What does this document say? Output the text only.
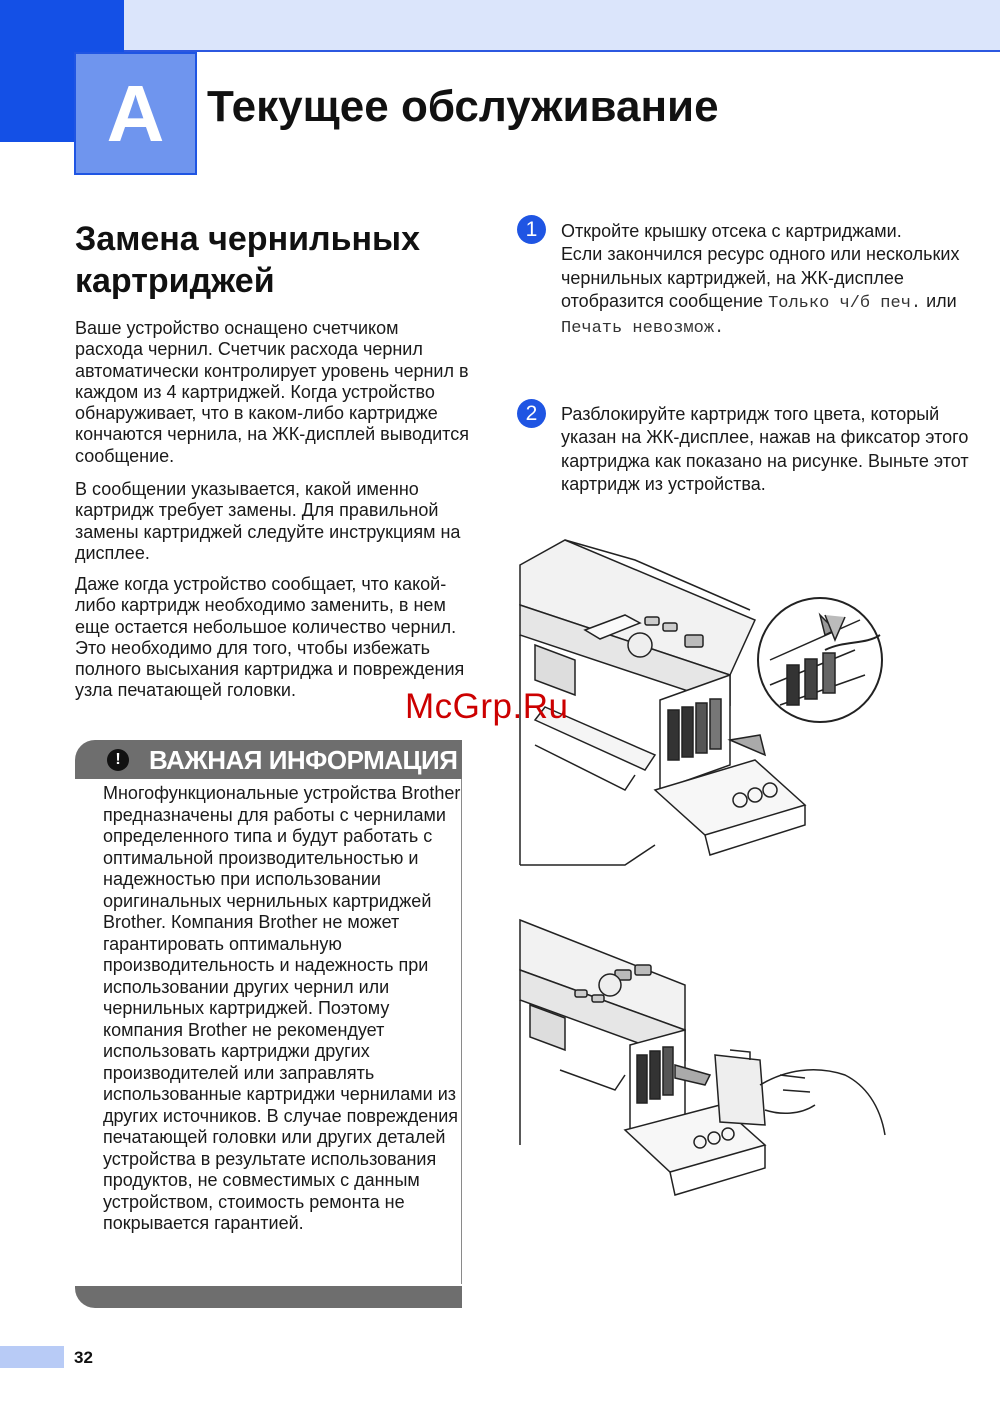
A Текущее обслуживание
Замена чернильных картриджей

Ваше устройство оснащено счетчиком расхода чернил. Счетчик расхода чернил автоматически контролирует уровень чернил в каждом из 4 картриджей. Когда устройство обнаруживает, что в каком-либо картридже кончаются чернила, на ЖК-дисплей выводится сообщение.

В сообщении указывается, какой именно картридж требует замены. Для правильной замены картриджей следуйте инструкциям на дисплее.

Даже когда устройство сообщает, что какой-либо картридж необходимо заменить, в нем еще остается небольшое количество чернил. Это необходимо для того, чтобы избежать полного высыхания картриджа и повреждения узла печатающей головки.

!	ВАЖНАЯ ИНФОРМАЦИЯ

Многофункциональные устройства Brother предназначены для работы с чернилами определенного типа и будут работать с оптимальной производительностью и надежностью при использовании оригинальных чернильных картриджей Brother. Компания Brother не может гарантировать оптимальную производительность и надежность при использовании других чернил или чернильных картриджей. Поэтому компания Brother не рекомендует использовать картриджи других производителей или заправлять использованные картриджи чернилами из других источников. В случае повреждения печатающей головки или других деталей устройства в результате использования продуктов, не совместимых с данным устройством, стоимость ремонта не покрывается гарантией.

1	Откройте крышку отсека с картриджами.
Если закончился ресурс одного или нескольких чернильных картриджей, на ЖК-дисплее отобразится сообщение Только ч/б печ. или Печать невозмож.
2	Разблокируйте картридж того цвета, который указан на ЖК-дисплее, нажав на фиксатор этого картриджа как показано на рисунке. Выньте этот картридж из устройства.

McGrp.Ru
32
